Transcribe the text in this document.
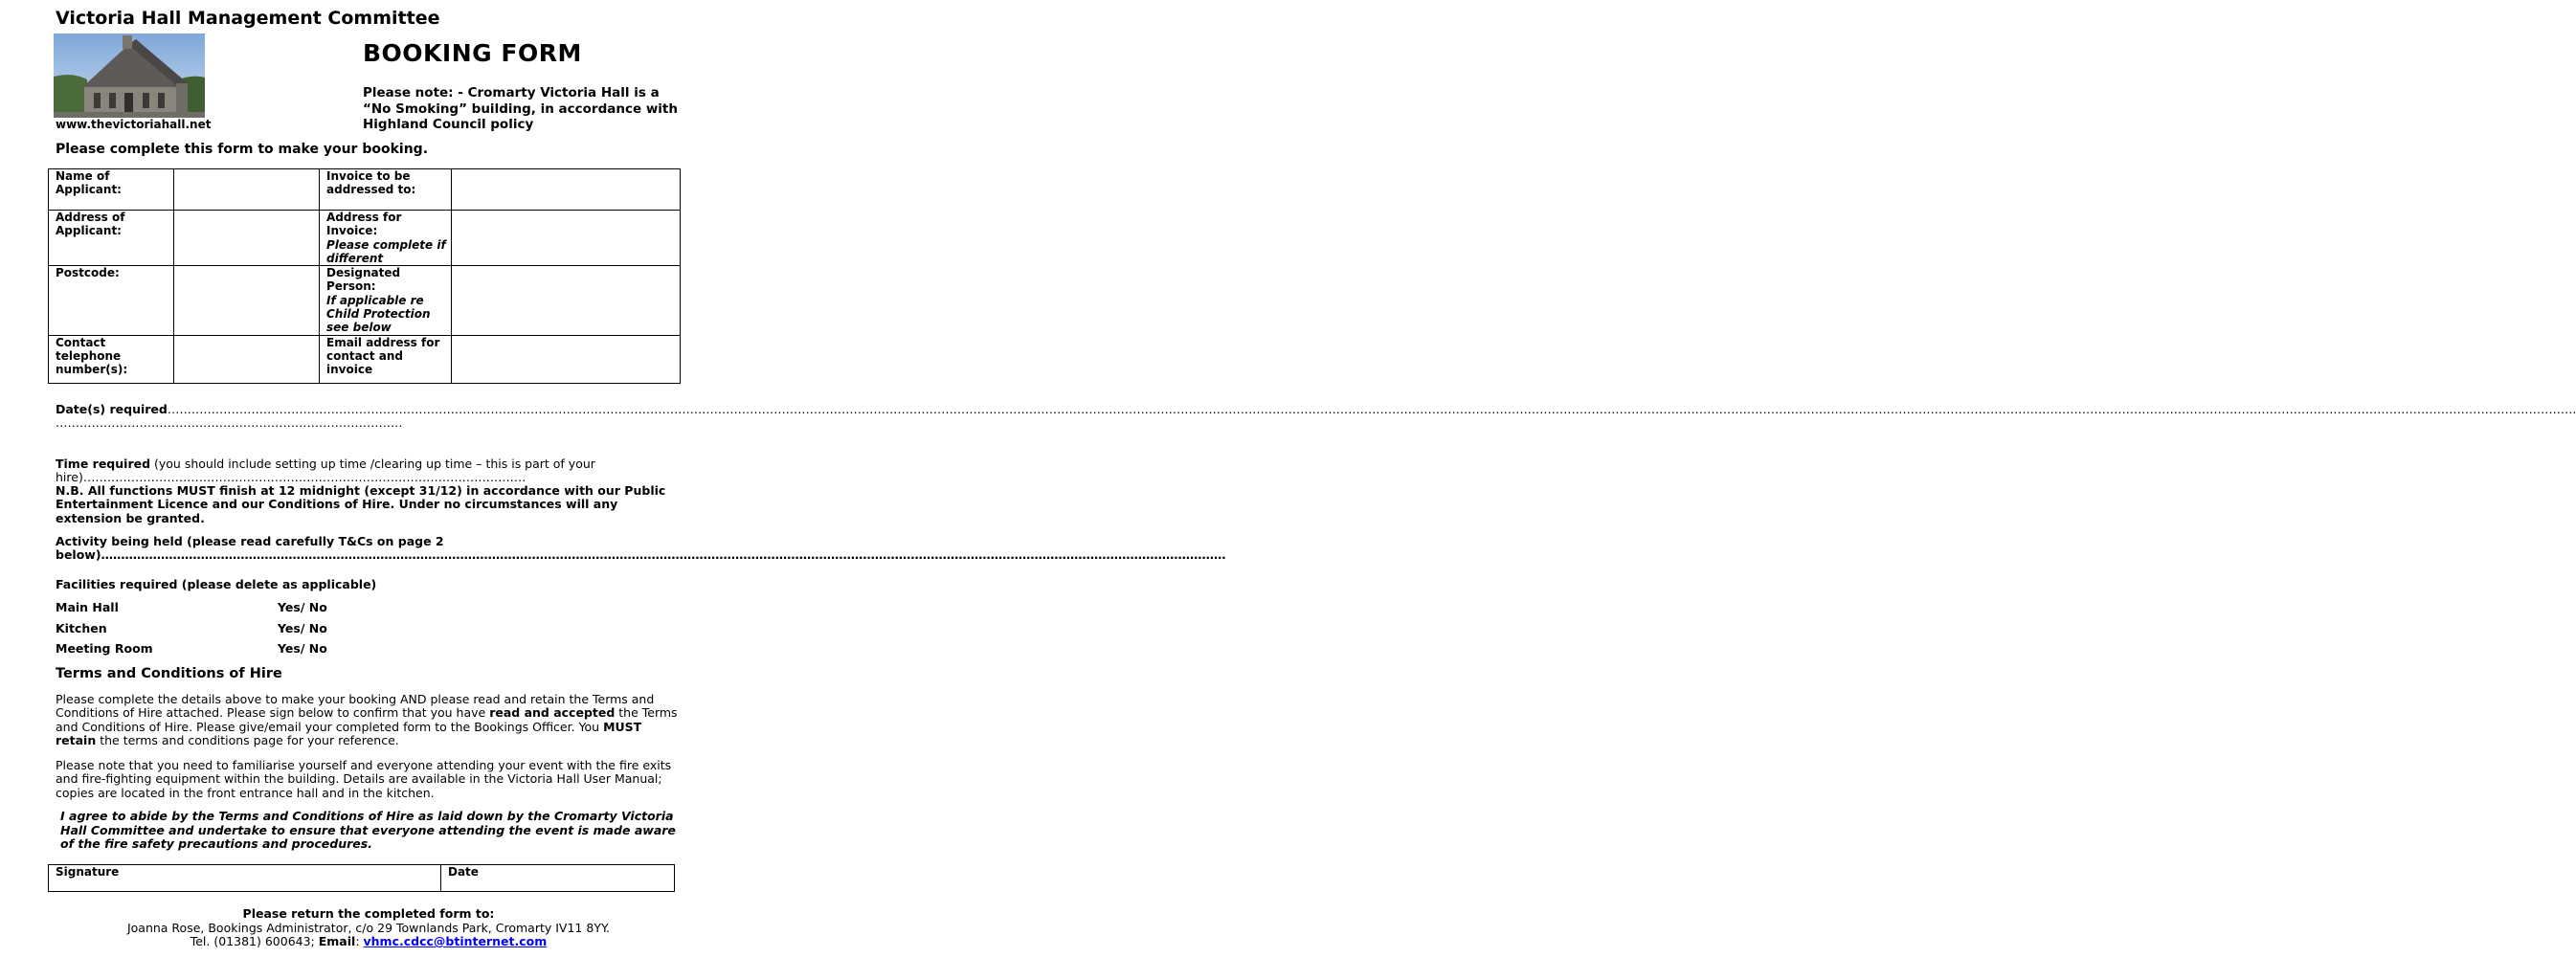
Victoria Hall Management Committee
www.thevictoriahall.net
BOOKING FORM
Please note: - Cromarty Victoria Hall is a “No Smoking” building, in accordance with Highland Council policy
Please complete this form to make your booking.
Name of Applicant:		Invoice to be addressed to:	
Address of Applicant:		Address for Invoice:
Please complete if different	

Postcode:		Designated Person:
If applicable re Child Protection see below	

Contact telephone number(s):		Email address for contact and invoice	
Date(s) required……………………………………………………………………………………………………………………………………………………………………………………………………………………………………………………………………………………………………………………………………………………………………………………………………………………………………………………………………………………………………………………………………………………….
……………………………………………………………………………
Time required (you should include setting up time /clearing up time – this is part of your hire)…………………………………………………………………………………………………
N.B. All functions MUST finish at 12 midnight (except 31/12) in accordance with our Public Entertainment Licence and our Conditions of Hire. Under no circumstances will any extension be granted.
Activity being held (please read carefully T&Cs on page 2 below)…………………………………………………………………………………………………………………………………………………………………………………………………………………………………………………………
Facilities required (please delete as applicable)
Main Hall	Yes/ No
Kitchen	Yes/ No
Meeting Room	Yes/ No
Terms and Conditions of Hire
Please complete the details above to make your booking AND please read and retain the Terms and Conditions of Hire attached. Please sign below to confirm that you have read and accepted the Terms and Conditions of Hire. Please give/email your completed form to the Bookings Officer. You MUST retain the terms and conditions page for your reference.
Please note that you need to familiarise yourself and everyone attending your event with the fire exits and fire-fighting equipment within the building. Details are available in the Victoria Hall User Manual; copies are located in the front entrance hall and in the kitchen.
I agree to abide by the Terms and Conditions of Hire as laid down by the Cromarty Victoria Hall Committee and undertake to ensure that everyone attending the event is made aware of the fire safety precautions and procedures.
Signature	Date
Please return the completed form to:
Joanna Rose, Bookings Administrator, c/o 29 Townlands Park, Cromarty IV11 8YY.
Tel. (01381) 600643; Email: vhmc.cdcc@btinternet.com
